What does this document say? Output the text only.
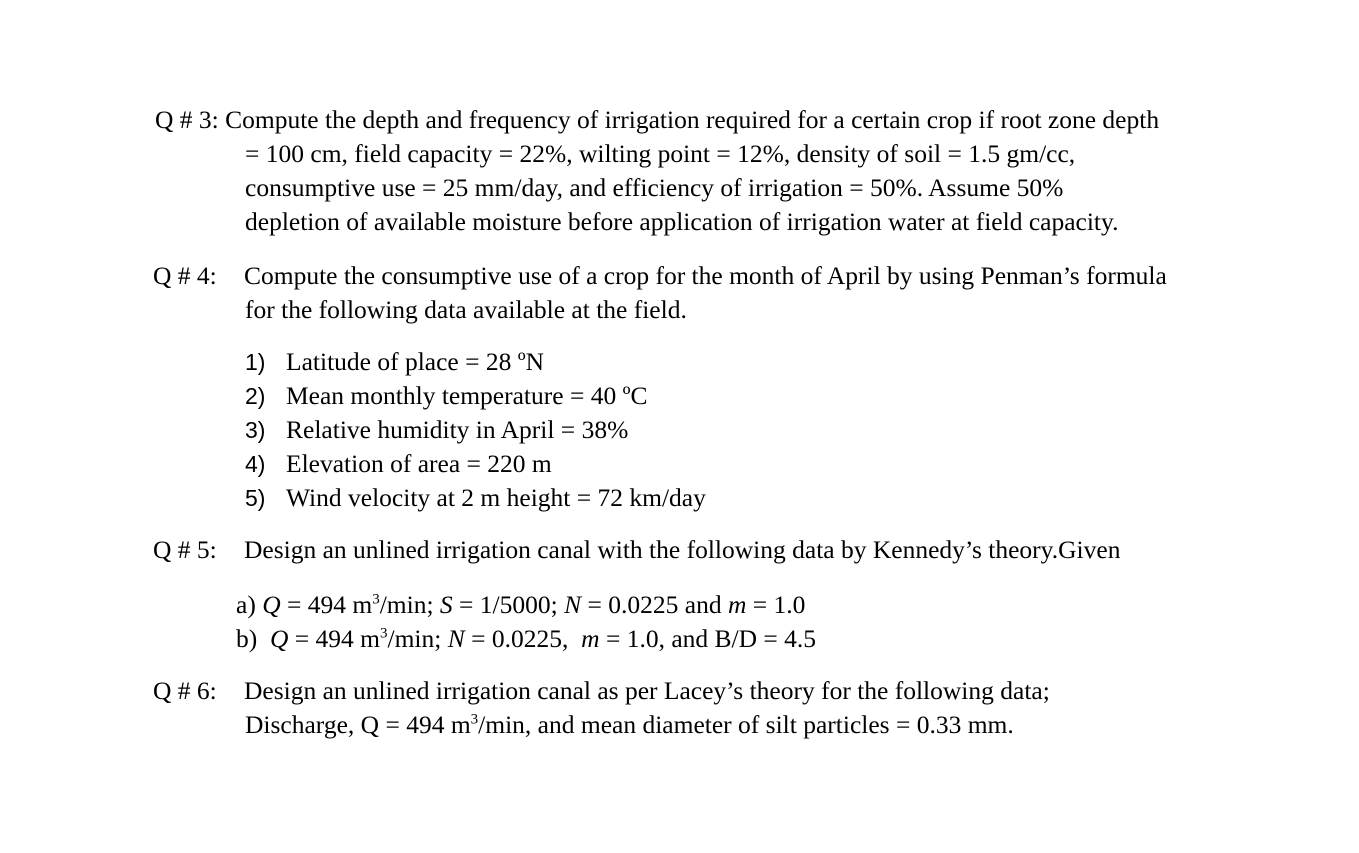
Q # 3: Compute the depth and frequency of irrigation required for a certain crop if root zone depth
= 100 cm, field capacity = 22%, wilting point = 12%, density of soil = 1.5 gm/cc,
consumptive use = 25 mm/day, and efficiency of irrigation = 50%. Assume 50%
depletion of available moisture before application of irrigation water at field capacity.
Q # 4: Compute the consumptive use of a crop for the month of April by using Penman’s formula
for the following data available at the field.
1) Latitude of place = 28 ºN
2) Mean monthly temperature = 40 ºC
3) Relative humidity in April = 38%
4) Elevation of area = 220 m
5) Wind velocity at 2 m height = 72 km/day
Q # 5: Design an unlined irrigation canal with the following data by Kennedy’s theory.Given
a) Q = 494 $m^3/\min$; S = 1/5000; N = 0.0225 and m = 1.0
b) Q = 494 $m^3/\min$; N = 0.0225,  m = 1.0, and B/D = 4.5
Q # 6: Design an unlined irrigation canal as per Lacey’s theory for the following data;
Discharge, Q = 494 $m^3/\min$, and mean diameter of silt particles = 0.33 mm.
